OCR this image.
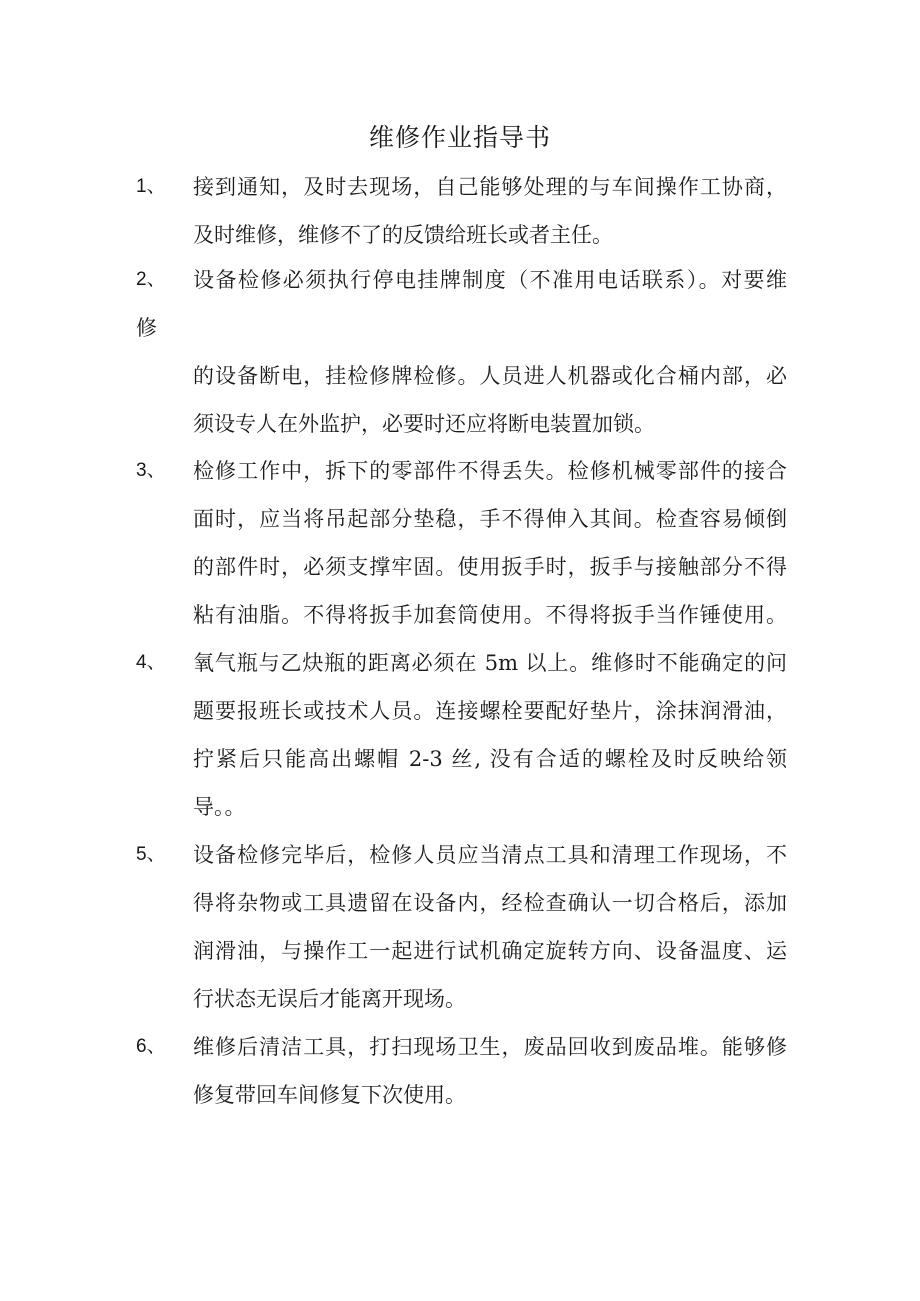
维修作业指导书
1、 接到通知，及时去现场，自己能够处理的与车间操作工协商，
及时维修，维修不了的反馈给班长或者主任。
2、 设备检修必须执行停电挂牌制度（不准用电话联系）。对要维
修
的设备断电，挂检修牌检修。人员进人机器或化合桶内部，必
须设专人在外监护，必要时还应将断电装置加锁。
3、 检修工作中，拆下的零部件不得丢失。检修机械零部件的接合
面时，应当将吊起部分垫稳，手不得伸入其间。检查容易倾倒
的部件时，必须支撑牢固。使用扳手时，扳手与接触部分不得
粘有油脂。不得将扳手加套筒使用。不得将扳手当作锤使用。
4、 氧气瓶与乙炔瓶的距离必须在 5m 以上。维修时不能确定的问
题要报班长或技术人员。连接螺栓要配好垫片，涂抹润滑油，
拧紧后只能高出螺帽 2-3 丝, 没有合适的螺栓及时反映给领
导。。
5、 设备检修完毕后，检修人员应当清点工具和清理工作现场，不
得将杂物或工具遗留在设备内，经检查确认一切合格后，添加
润滑油，与操作工一起进行试机确定旋转方向、设备温度、运
行状态无误后才能离开现场。
6、 维修后清洁工具，打扫现场卫生，废品回收到废品堆。能够修
修复带回车间修复下次使用。
